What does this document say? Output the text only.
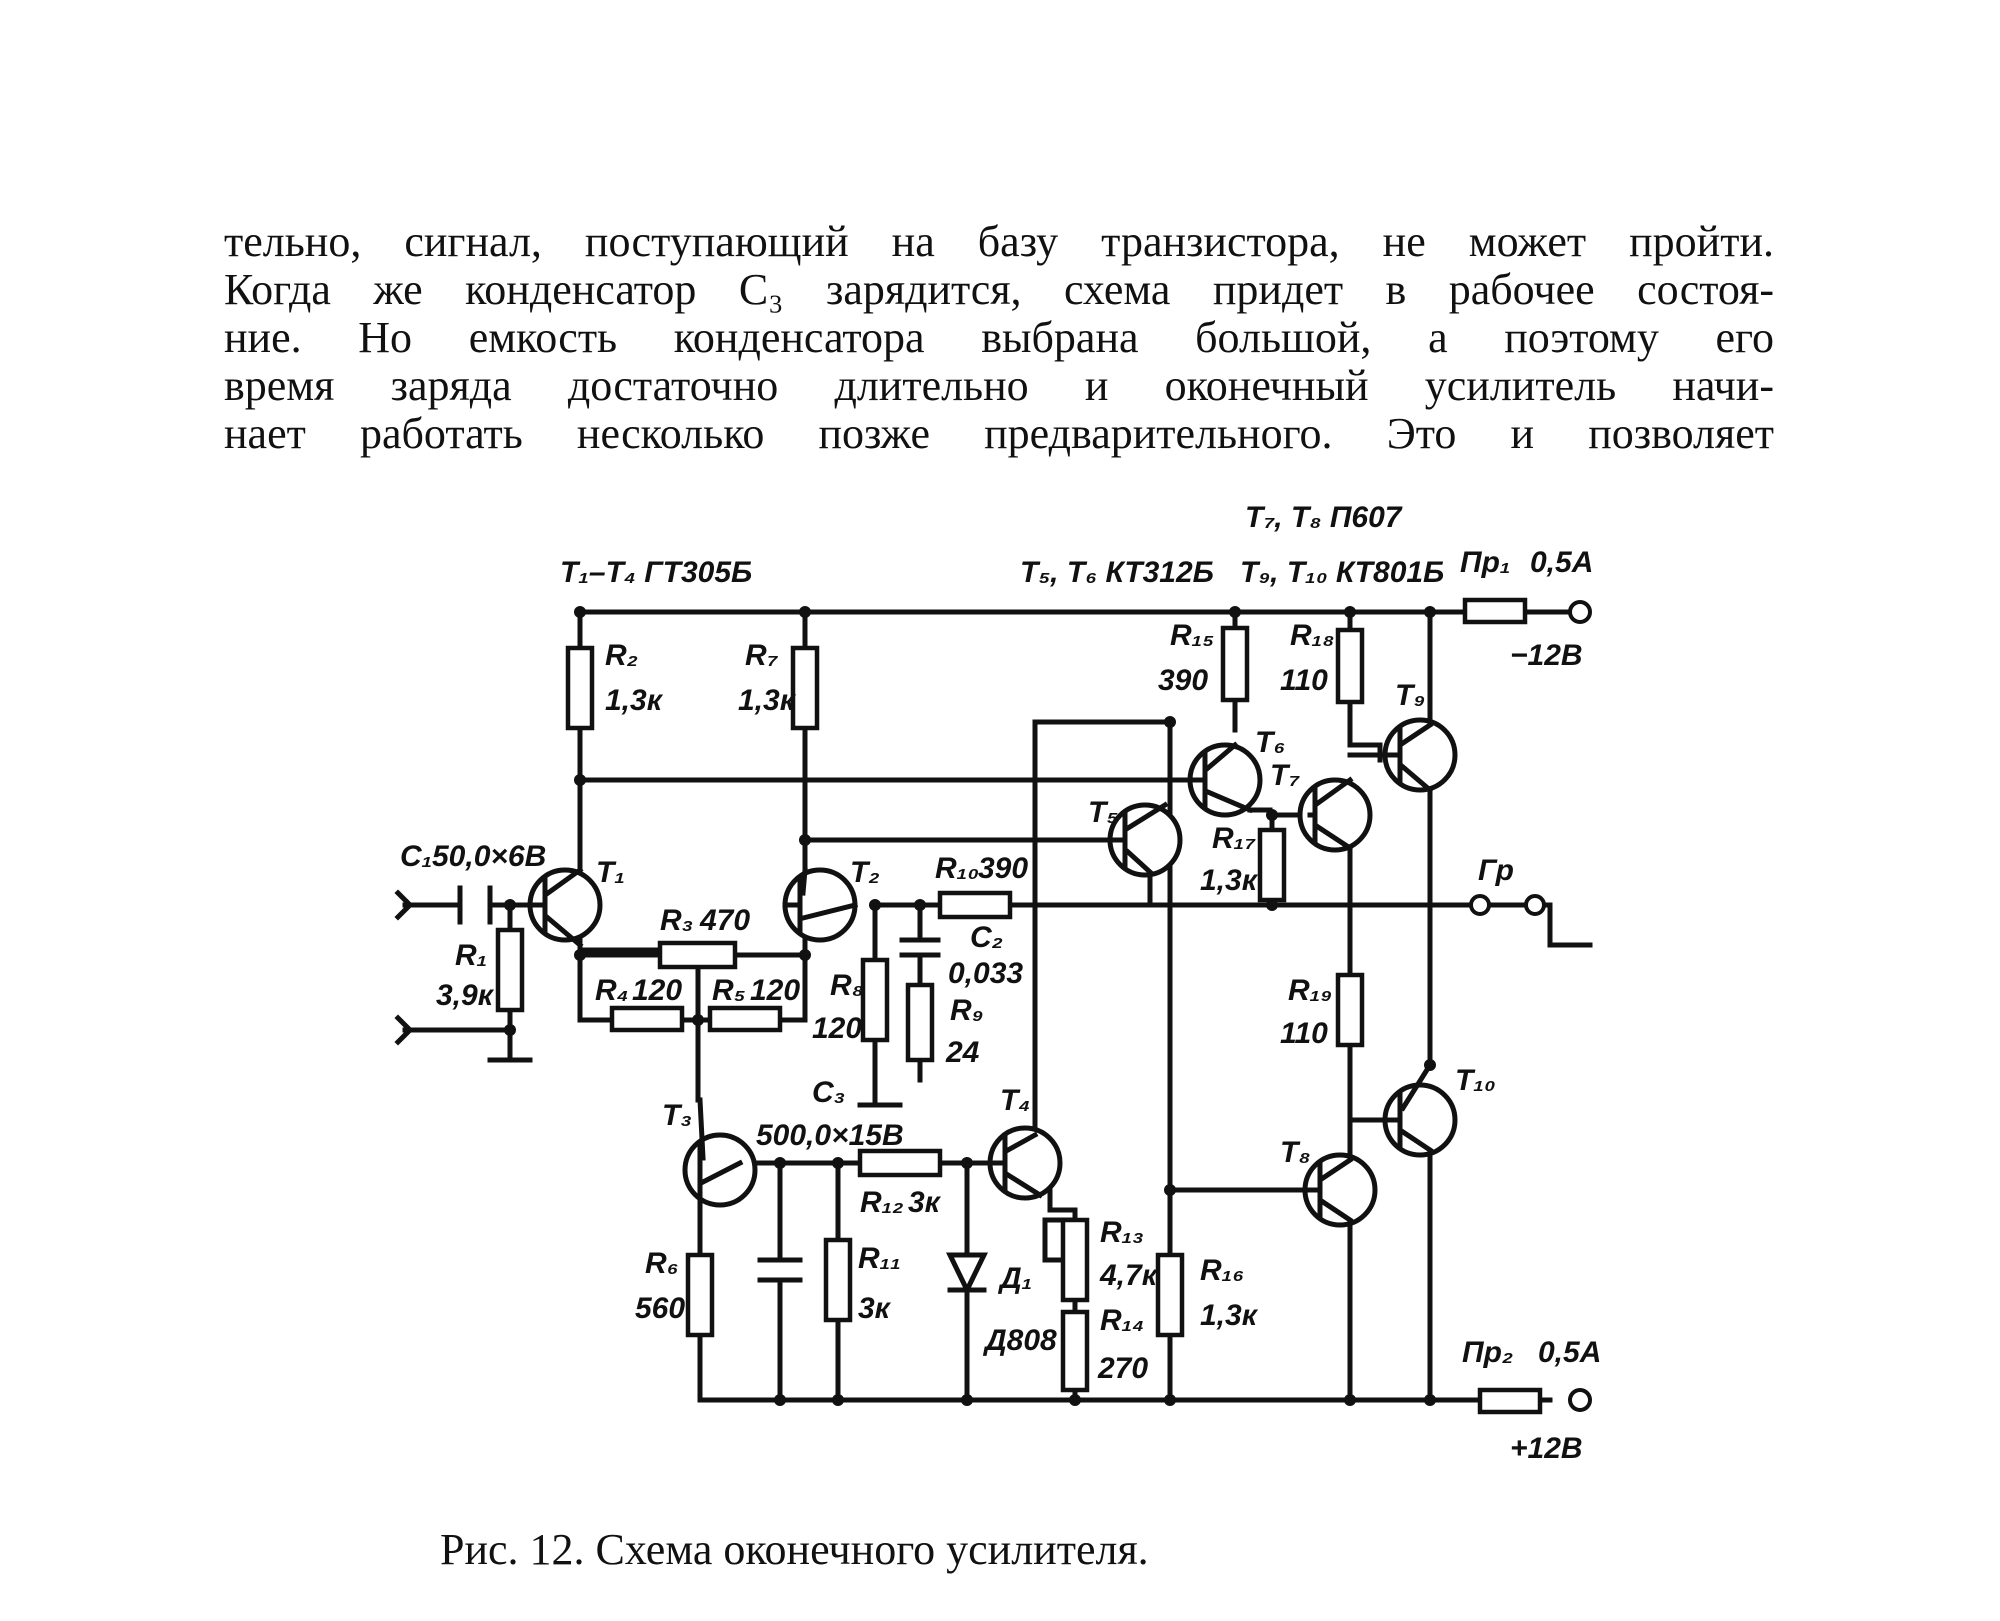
тельно, сигнал, поступающий на базу транзистора, не может пройти.
Когда же конденсатор C₃ зарядится, схема придет в рабочее состоя-
ние. Но емкость конденсатора выбрана большой, а поэтому его
время заряда достаточно длительно и оконечный усилитель начи-
нает работать несколько позже предварительного. Это и позволяет
T₁–T₄ ГТ305Б	T₅, T₆ КТ312Б
T₇, T₈ П607
T₉, T₁₀ КТ801Б Пр₁ 0,5А
−12В
Пр₂ 0,5А
+12В
Гр
C₁ 50,0×6В
C₂
0,033
C₃
500,0×15В
Д₁
Д808
T₁	T₂
T₃	T₄
T₅
T₆
T₇
T₈
T₉
T₁₀
R₂
1,3к
R₇
1,3к
R₃ 470
R₄ 120 R₅ 120
R₁
3,9к	R₈
120
R₉
24
R₁₀
390
R₆
560
R₁₁
3к
R₁₂ 3к
R₁₃
4,7к
R₁₄
270
R₁₅
390
R₁₆
1,3к
R₁₇
1,3к
R₁₈
110
R₁₉
110
Рис. 12. Схема оконечного усилителя.
